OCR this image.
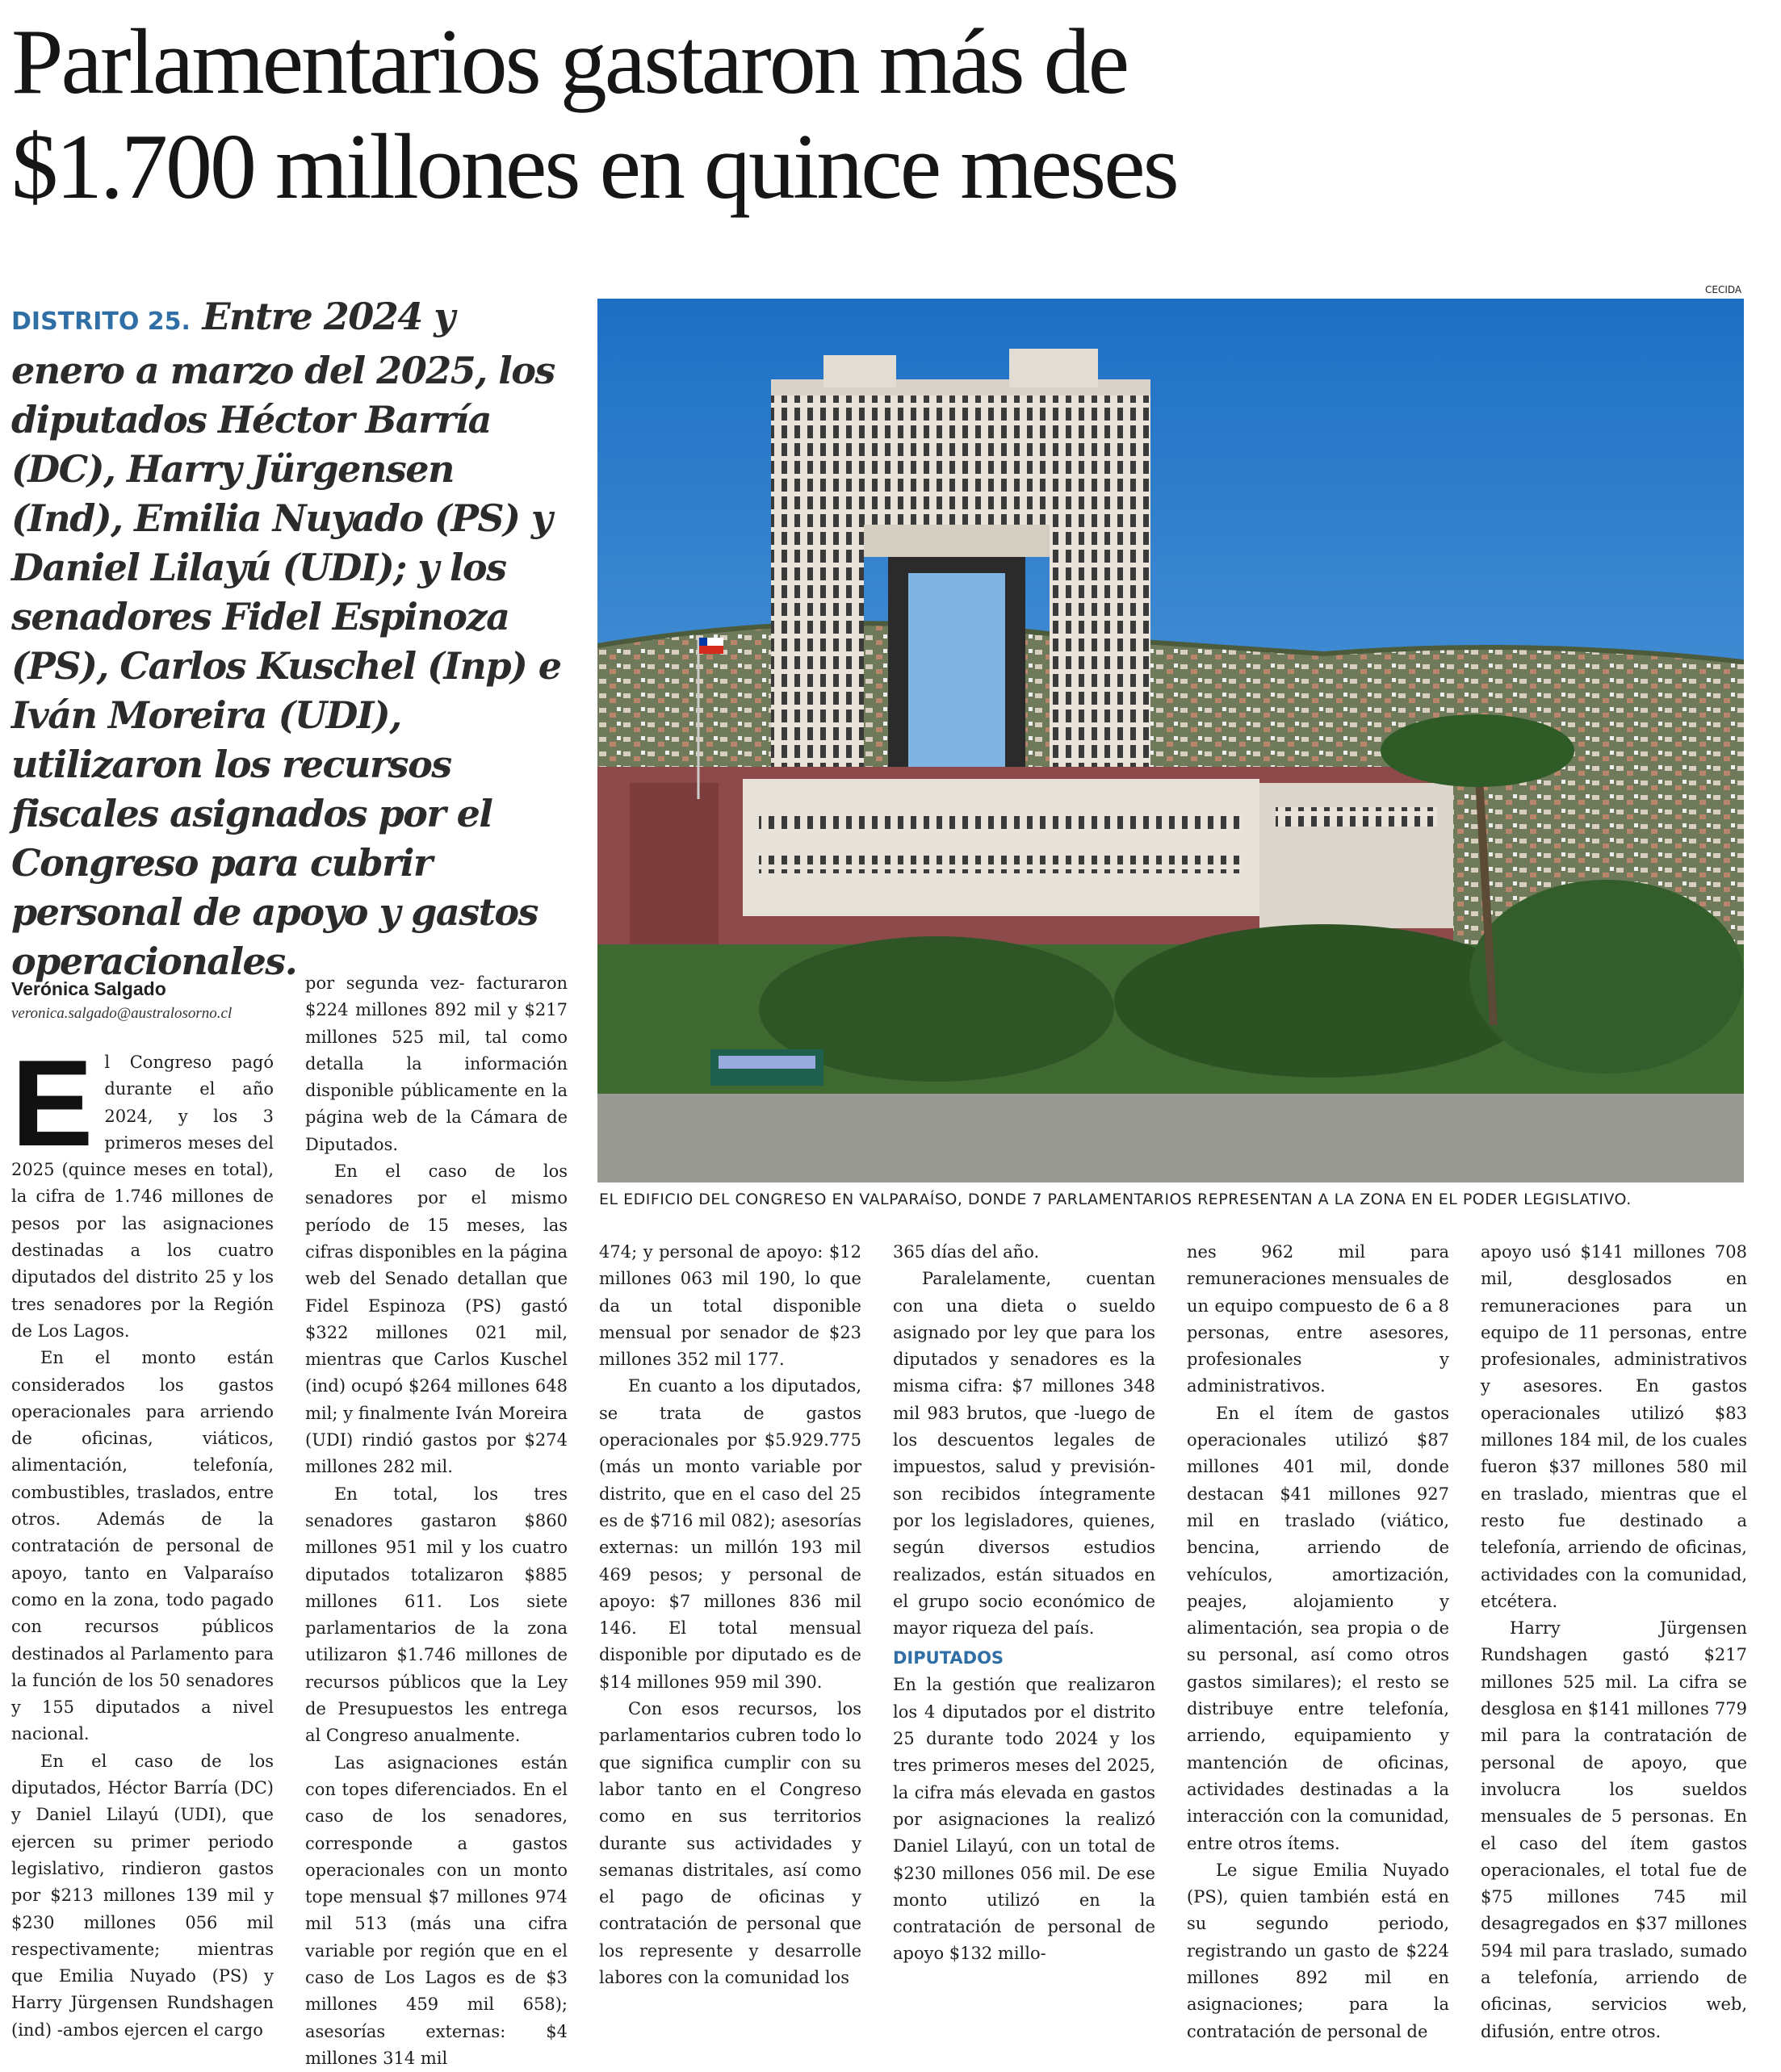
Parlamentarios gastaron más de
$1.700 millones en quince meses

DISTRITO 25. Entre 2024 y enero a marzo del 2025, los diputados Héctor Barría (DC), Harry Jürgensen (Ind), Emilia Nuyado (PS) y Daniel Lilayú (UDI); y los senadores Fidel Espinoza (PS), Carlos Kuschel (Inp) e Iván Moreira (UDI), utilizaron los recursos fiscales asignados por el Congreso para cubrir personal de apoyo y gastos operacionales.

CECIDA

EL EDIFICIO DEL CONGRESO EN VALPARAÍSO, DONDE 7 PARLAMENTARIOS REPRESENTAN A LA ZONA EN EL PODER LEGISLATIVO.

Verónica Salgado
veronica.salgado@australosorno.cl
E l Congreso pagó durante el año 2024, y los 3 primeros meses del 2025 (quince meses en total), la cifra de 1.746 millones de pesos por las asignaciones destinadas a los cuatro diputados del distrito 25 y los tres senadores por la Región de Los Lagos.

En el monto están considerados los gastos operacionales para arriendo de oficinas, viáticos, alimentación, telefonía, combustibles, traslados, entre otros. Además de la contratación de personal de apoyo, tanto en Valparaíso como en la zona, todo pagado con recursos públicos destinados al Parlamento para la función de los 50 senadores y 155 diputados a nivel nacional.

En el caso de los diputados, Héctor Barría (DC) y Daniel Lilayú (UDI), que ejercen su primer periodo legislativo, rindieron gastos por $213 millones 139 mil y $230 millones 056 mil respectivamente; mientras que Emilia Nuyado (PS) y Harry Jürgensen Rundshagen (ind) -ambos ejercen el cargo

por segunda vez- facturaron $224 millones 892 mil y $217 millones 525 mil, tal como detalla la información disponible públicamente en la página web de la Cámara de Diputados.

En el caso de los senadores por el mismo período de 15 meses, las cifras disponibles en la página web del Senado detallan que Fidel Espinoza (PS) gastó $322 millones 021 mil, mientras que Carlos Kuschel (ind) ocupó $264 millones 648 mil; y finalmente Iván Moreira (UDI) rindió gastos por $274 millones 282 mil.

En total, los tres senadores gastaron $860 millones 951 mil y los cuatro diputados totalizaron $885 millones 611. Los siete parlamentarios de la zona utilizaron $1.746 millones de recursos públicos que la Ley de Presupuestos les entrega al Congreso anualmente.

Las asignaciones están con topes diferenciados. En el caso de los senadores, corresponde a gastos operacionales con un monto tope mensual $7 millones 974 mil 513 (más una cifra variable por región que en el caso de Los Lagos es de $3 millones 459 mil 658); asesorías externas: $4 millones 314 mil

474; y personal de apoyo: $12 millones 063 mil 190, lo que da un total disponible mensual por senador de $23 millones 352 mil 177.

En cuanto a los diputados, se trata de gastos operacionales por $5.929.775 (más un monto variable por distrito, que en el caso del 25 es de $716 mil 082); asesorías externas: un millón 193 mil 469 pesos; y personal de apoyo: $7 millones 836 mil 146. El total mensual disponible por diputado es de $14 millones 959 mil 390.

Con esos recursos, los parlamentarios cubren todo lo que significa cumplir con su labor tanto en el Congreso como en sus territorios durante sus actividades y semanas distritales, así como el pago de oficinas y contratación de personal que los represente y desarrolle labores con la comunidad los

365 días del año.

Paralelamente, cuentan con una dieta o sueldo asignado por ley que para los diputados y senadores es la misma cifra: $7 millones 348 mil 983 brutos, que -luego de los descuentos legales de impuestos, salud y previsión- son recibidos íntegramente por los legisladores, quienes, según diversos estudios realizados, están situados en el grupo socio económico de mayor riqueza del país.

DIPUTADOS

En la gestión que realizaron los 4 diputados por el distrito 25 durante todo 2024 y los tres primeros meses del 2025, la cifra más elevada en gastos por asignaciones la realizó Daniel Lilayú, con un total de $230 millones 056 mil. De ese monto utilizó en la contratación de personal de apoyo $132 millo-

nes 962 mil para remuneraciones mensuales de un equipo compuesto de 6 a 8 personas, entre asesores, profesionales y administrativos.

En el ítem de gastos operacionales utilizó $87 millones 401 mil, donde destacan $41 millones 927 mil en traslado (viático, bencina, arriendo de vehículos, amortización, peajes, alojamiento y alimentación, sea propia o de su personal, así como otros gastos similares); el resto se distribuye entre telefonía, arriendo, equipamiento y mantención de oficinas, actividades destinadas a la interacción con la comunidad, entre otros ítems.

Le sigue Emilia Nuyado (PS), quien también está en su segundo periodo, registrando un gasto de $224 millones 892 mil en asignaciones; para la contratación de personal de

apoyo usó $141 millones 708 mil, desglosados en remuneraciones para un equipo de 11 personas, entre profesionales, administrativos y asesores. En gastos operacionales utilizó $83 millones 184 mil, de los cuales fueron $37 millones 580 mil en traslado, mientras que el resto fue destinado a telefonía, arriendo de oficinas, actividades con la comunidad, etcétera.

Harry Jürgensen Rundshagen gastó $217 millones 525 mil. La cifra se desglosa en $141 millones 779 mil para la contratación de personal de apoyo, que involucra los sueldos mensuales de 5 personas. En el caso del ítem gastos operacionales, el total fue de $75 millones 745 mil desagregados en $37 millones 594 mil para traslado, sumado a telefonía, arriendo de oficinas, servicios web, difusión, entre otros.
